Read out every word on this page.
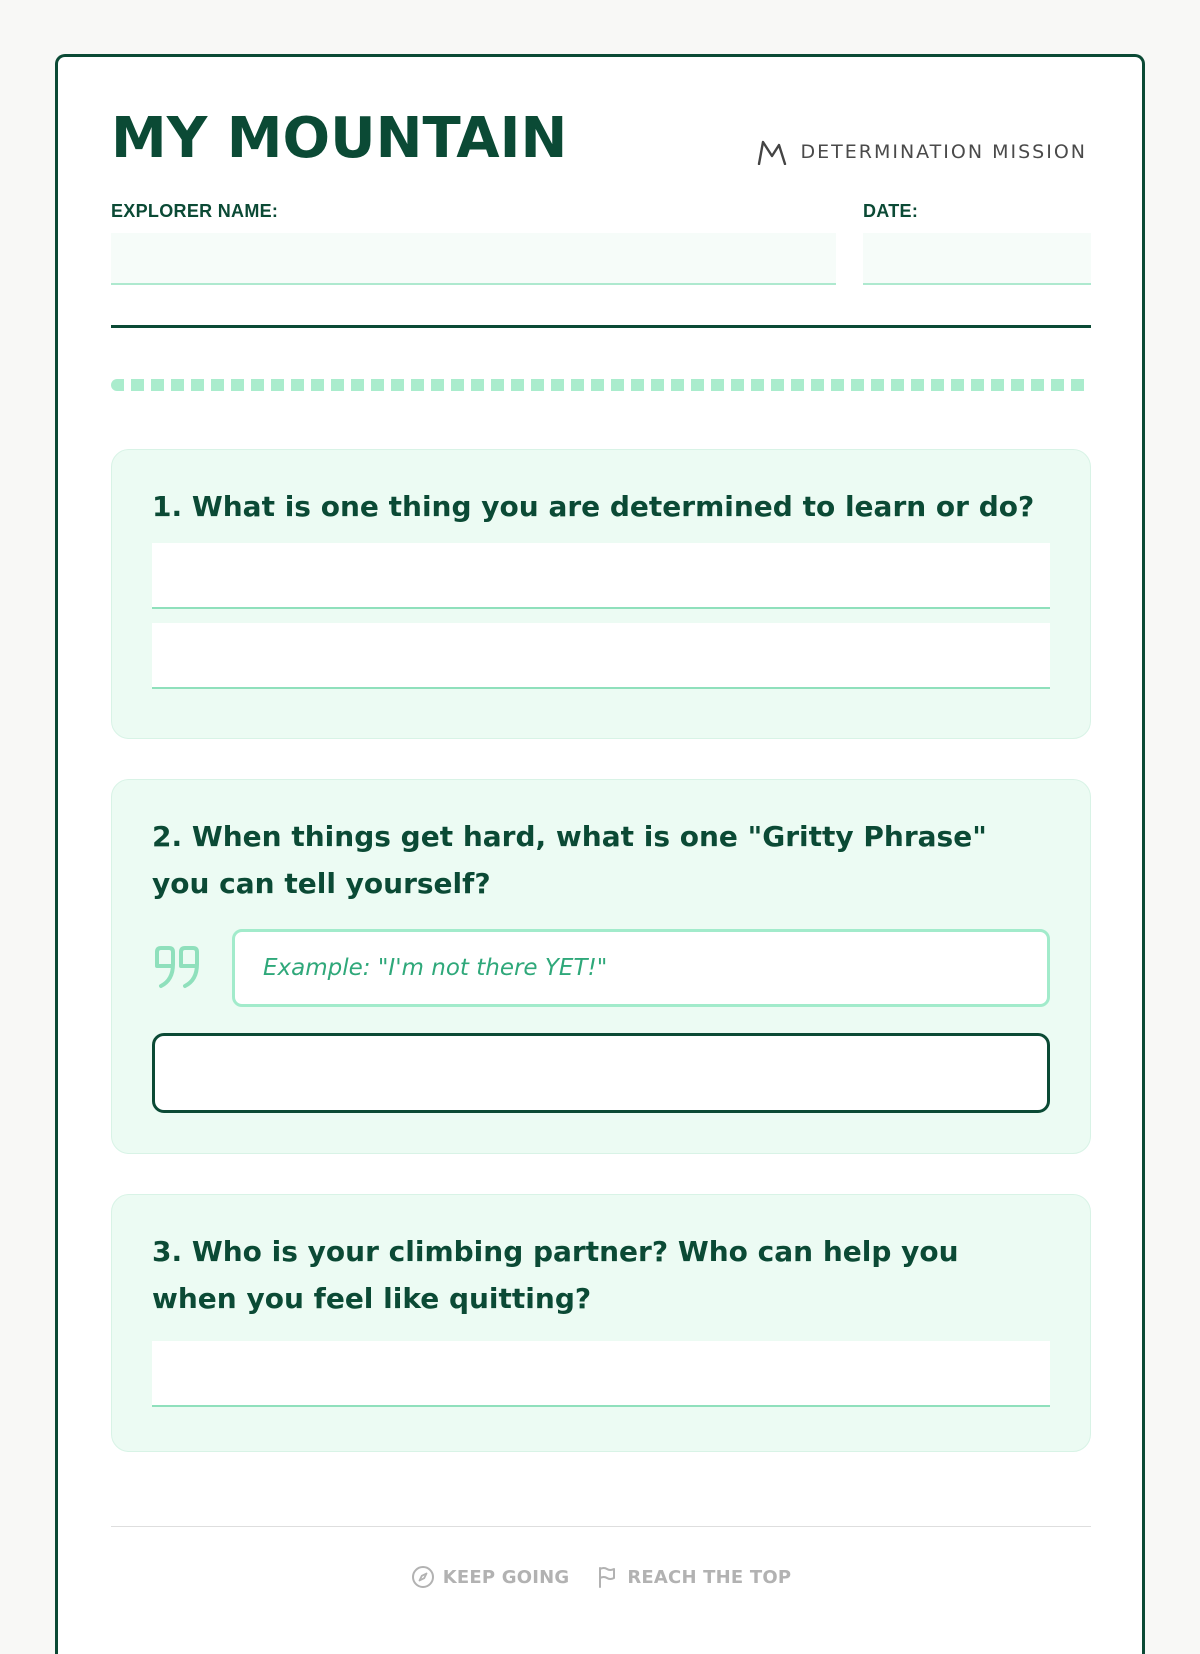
MY MOUNTAIN	DETERMINATION MISSION
EXPLORER NAME:	DATE:

1. What is one thing you are determined to learn or do?

2. When things get hard, what is one "Gritty Phrase" you can tell yourself?

Example: "I'm not there YET!"

3. Who is your climbing partner? Who can help you when you feel like quitting?

KEEP GOING	REACH THE TOP
